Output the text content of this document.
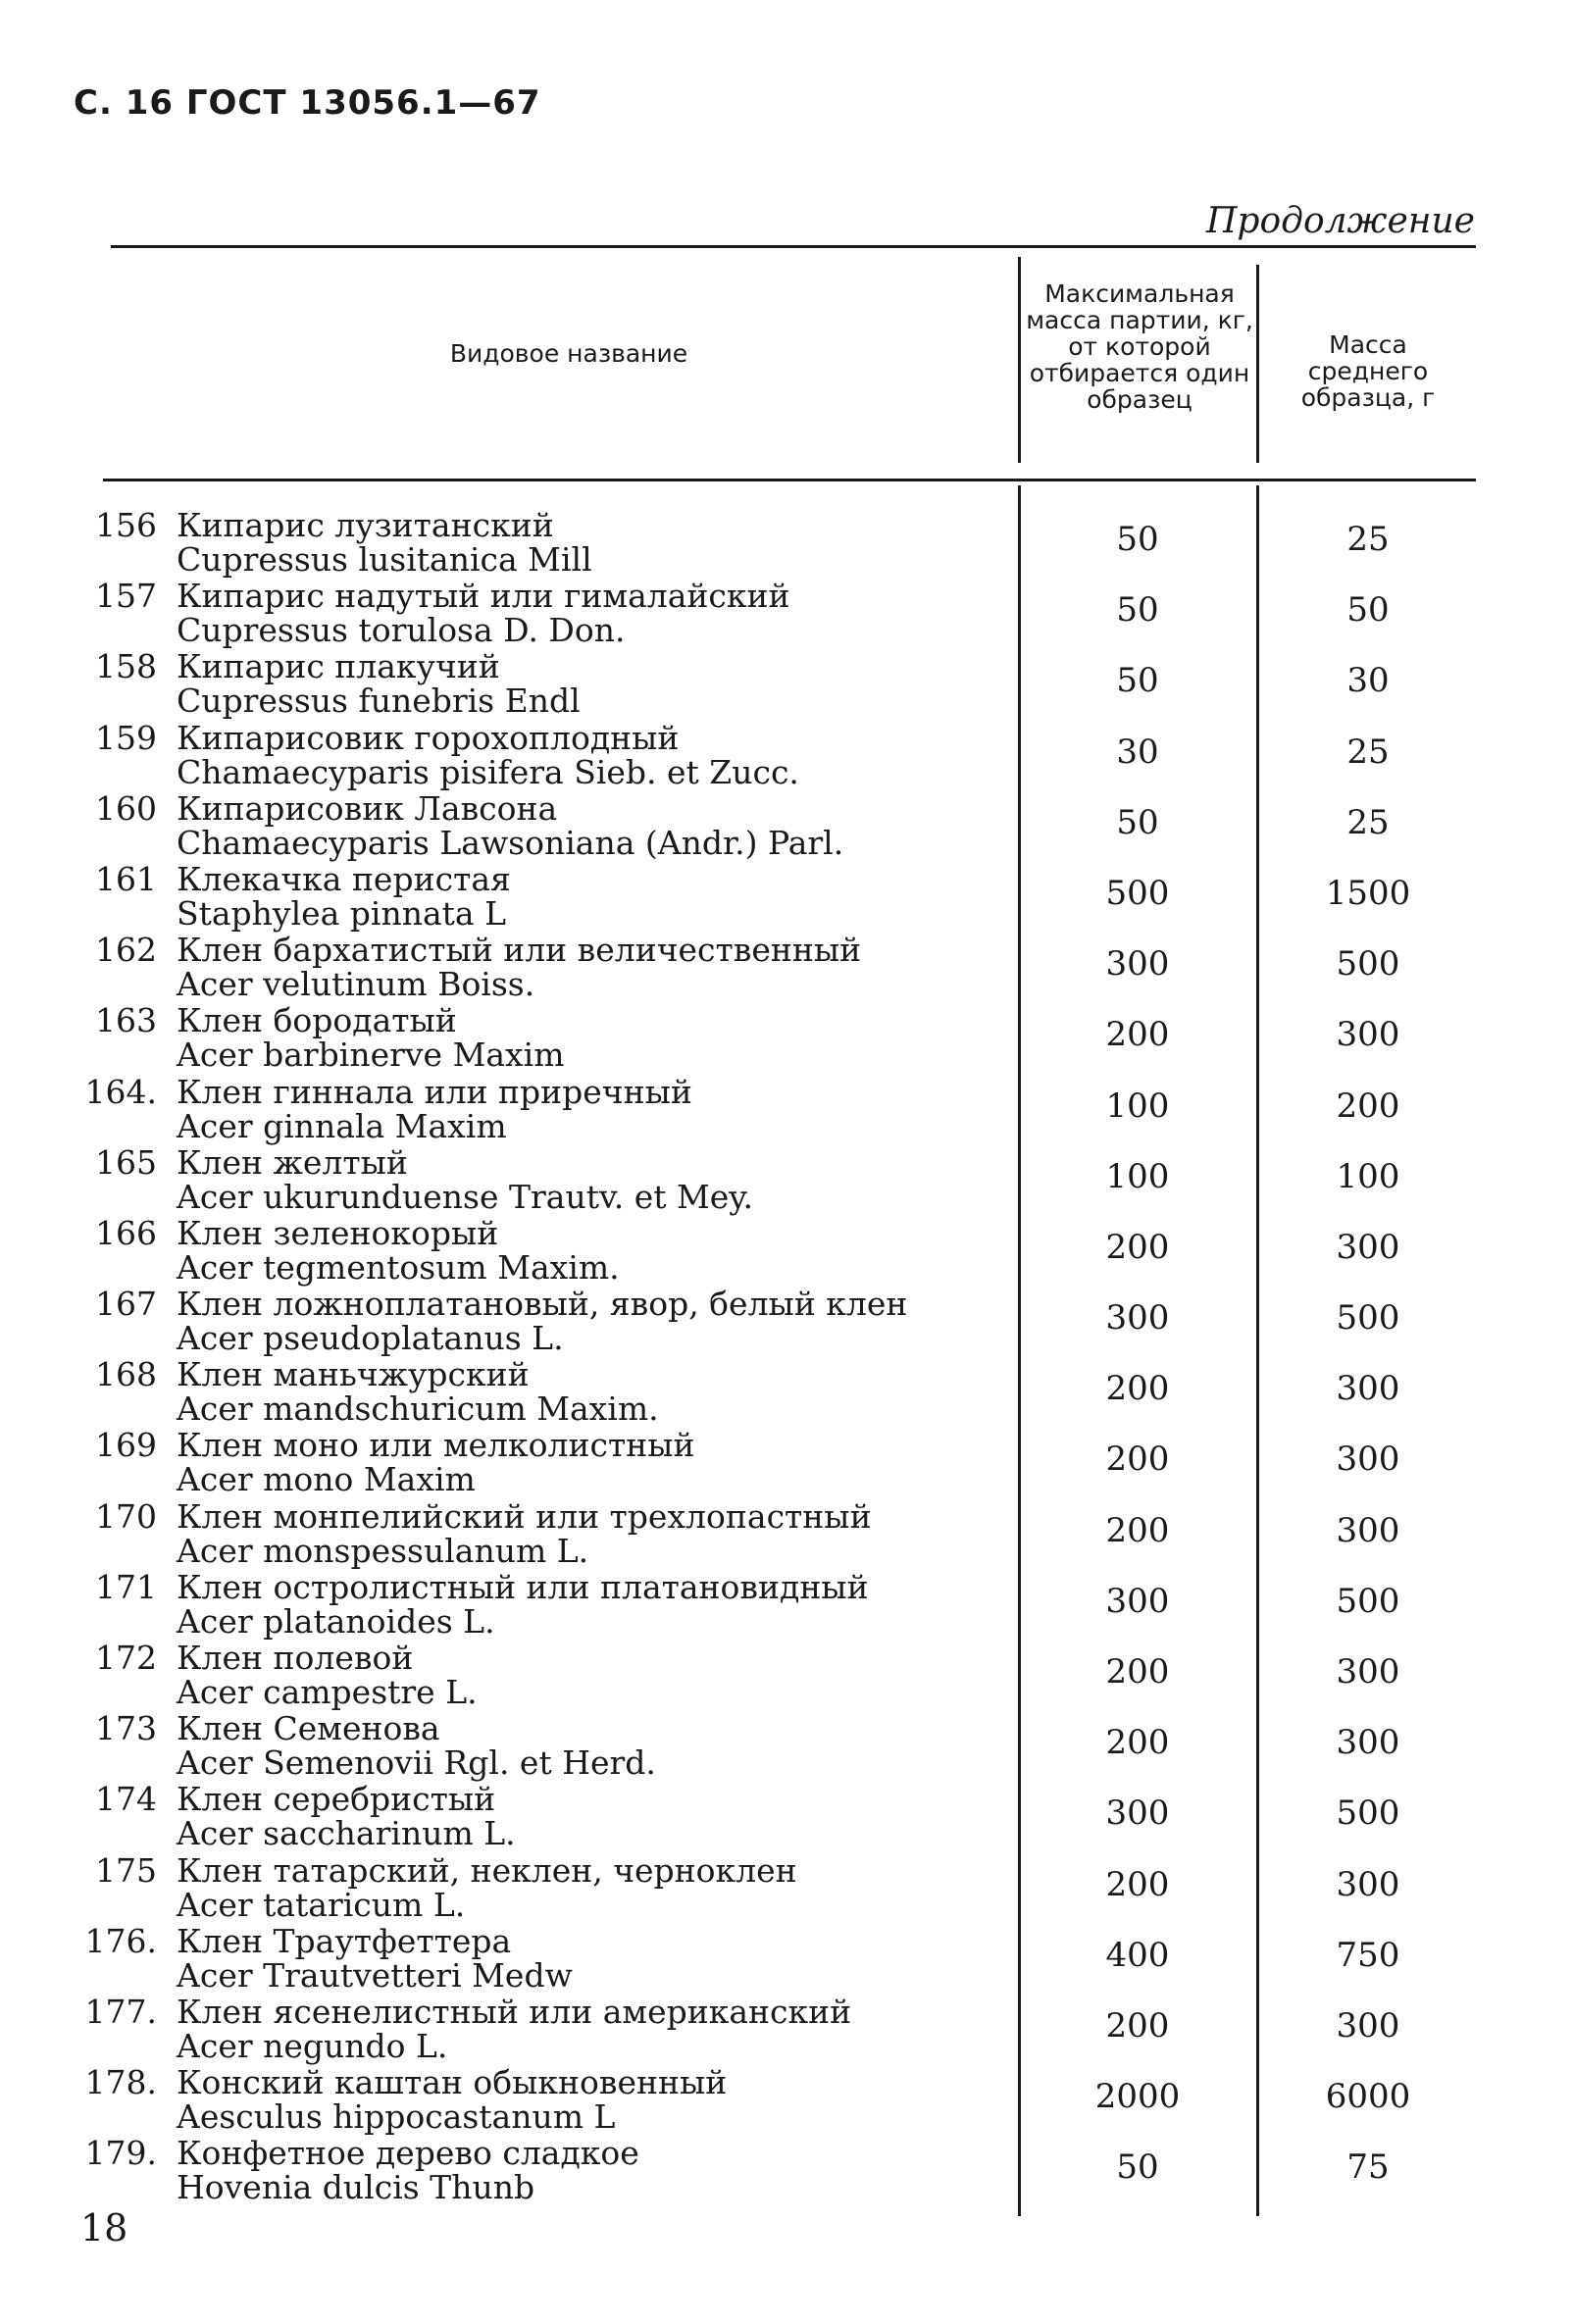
С. 16 ГОСТ 13056.1—67
Продолжение
Видовое название
Максимальная масса партии, кг, от которой отбирается один образец
Масса среднего образца, г
156 Кипарис лузитанский
Cupressus lusitanica Mill
50	25
157 Кипарис надутый или гималайский
Cupressus torulosa D. Don.
50	50
158 Кипарис плакучий
Cupressus funebris Endl
50	30
159 Кипарисовик горохоплодный
Chamaecyparis pisifera Sieb. et Zucc.
30	25
160 Кипарисовик Лавсона
Chamaecyparis Lawsoniana (Andr.) Parl.
50	25
161 Клекачка перистая
Staphylea pinnata L
500	1500
162 Клен бархатистый или величественный
Acer velutinum Boiss.
300	500
163 Клен бородатый
Acer barbinerve Maxim
200	300
164. Клен гиннала или приречный
Acer ginnala Maxim
100	200
165 Клен желтый
Acer ukurunduense Trautv. et Mey.
100	100
166 Клен зеленокорый
Acer tegmentosum Maxim.
200	300
167 Клен ложноплатановый, явор, белый клен
Acer pseudoplatanus L.
300	500
168 Клен маньчжурский
Acer mandschuricum Maxim.
200	300
169 Клен моно или мелколистный
Acer mono Maxim
200	300
170 Клен монпелийский или трехлопастный
Acer monspessulanum L.
200	300
171 Клен остролистный или платановидный
Acer platanoides L.
300	500
172 Клен полевой
Acer campestre L.
200	300
173 Клен Семенова
Acer Semenovii Rgl. et Herd.
200	300
174 Клен серебристый
Acer saccharinum L.
300	500
175 Клен татарский, неклен, черноклен
Acer tataricum L.
200	300
176. Клен Траутфеттера
Acer Trautvetteri Medw
400	750
177. Клен ясенелистный или американский
Acer negundo L.
200	300
178. Конский каштан обыкновенный
Aesculus hippocastanum L
2000	6000
179. Конфетное дерево сладкое
Hovenia dulcis Thunb
50	75
18
